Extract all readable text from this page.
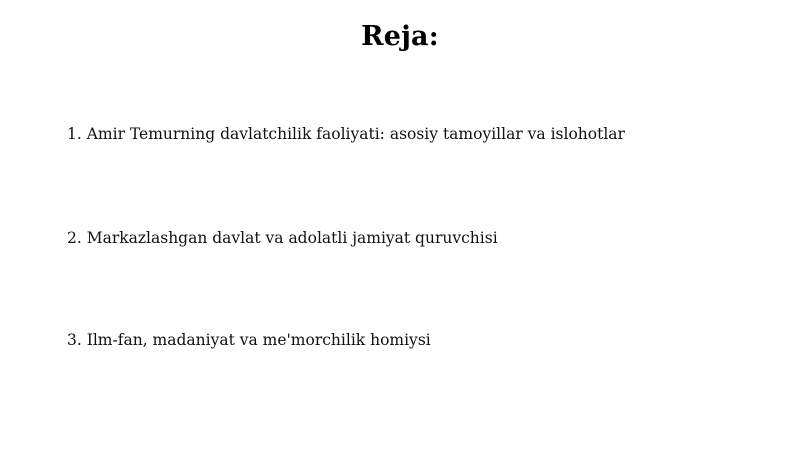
Reja:
1. Amir Temurning davlatchilik faoliyati: asosiy tamoyillar va islohotlar
2. Markazlashgan davlat va adolatli jamiyat quruvchisi
3. Ilm-fan, madaniyat va me'morchilik homiysi
